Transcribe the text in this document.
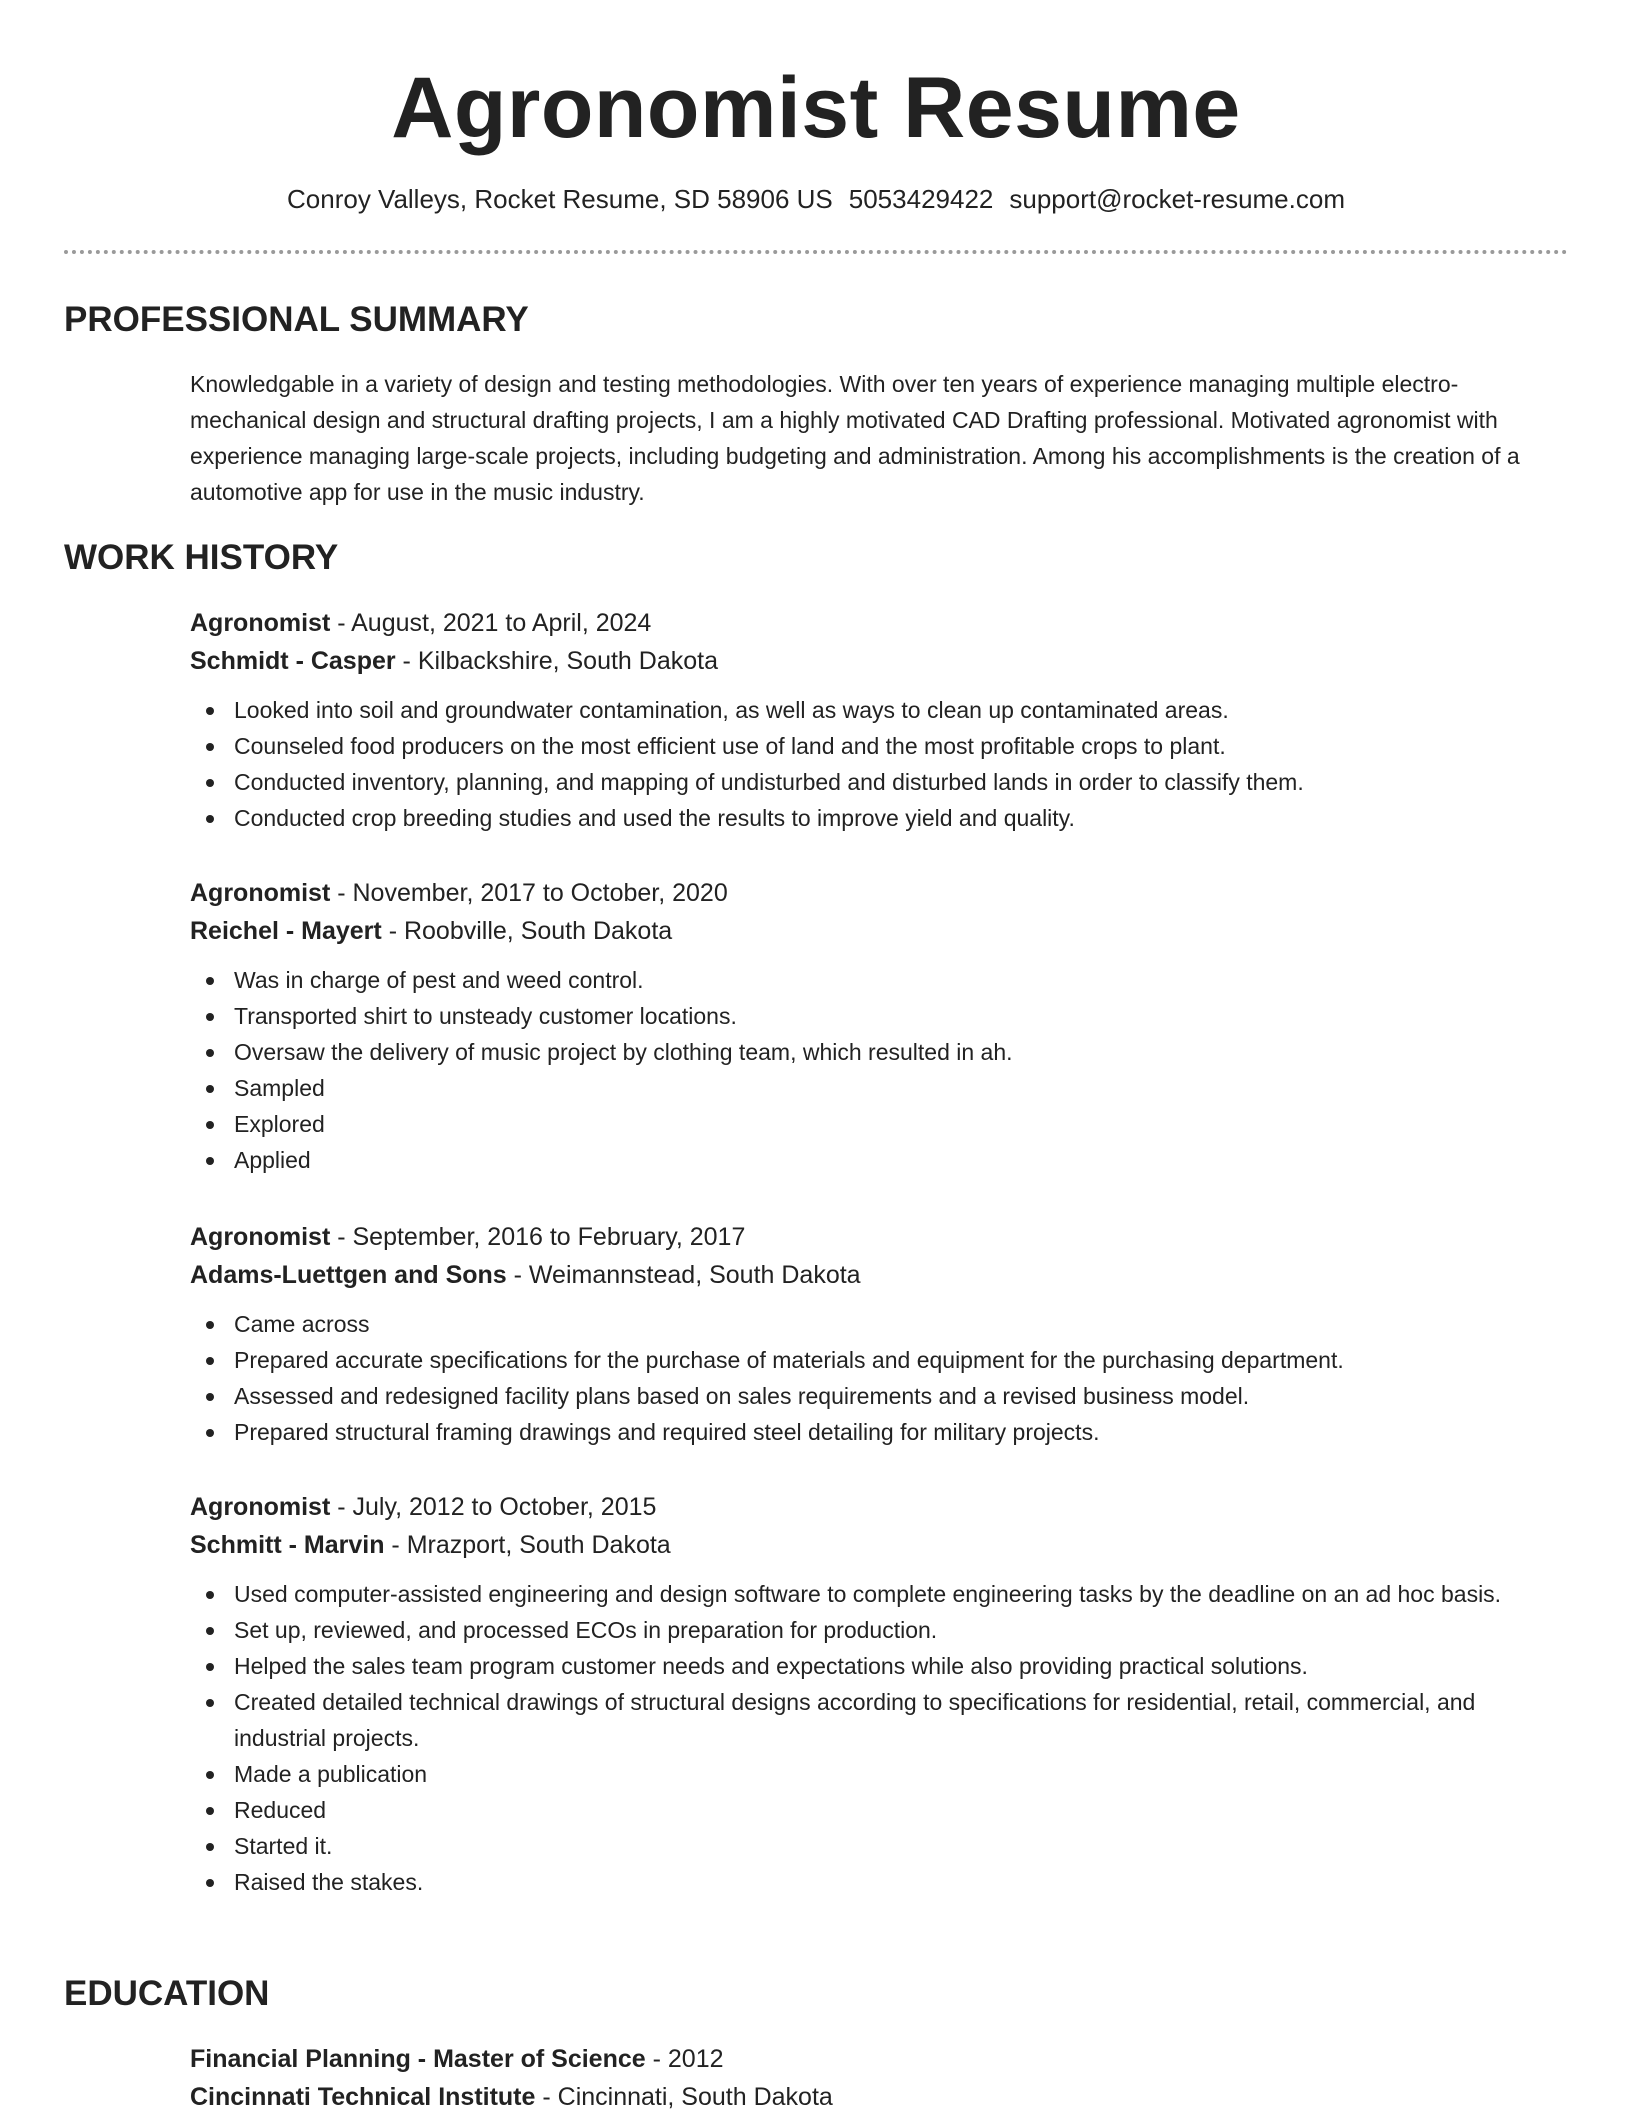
Agronomist Resume
Conroy Valleys, Rocket Resume, SD 58906 US 5053429422 support@rocket-resume.com
PROFESSIONAL SUMMARY
Knowledgable in a variety of design and testing methodologies. With over ten years of experience managing multiple electro-mechanical design and structural drafting projects, I am a highly motivated CAD Drafting professional. Motivated agronomist with experience managing large-scale projects, including budgeting and administration. Among his accomplishments is the creation of a automotive app for use in the music industry.
WORK HISTORY
Agronomist - August, 2021 to April, 2024
Schmidt - Casper - Kilbackshire, South Dakota
Looked into soil and groundwater contamination, as well as ways to clean up contaminated areas.
Counseled food producers on the most efficient use of land and the most profitable crops to plant.
Conducted inventory, planning, and mapping of undisturbed and disturbed lands in order to classify them.
Conducted crop breeding studies and used the results to improve yield and quality.
Agronomist - November, 2017 to October, 2020
Reichel - Mayert - Roobville, South Dakota
Was in charge of pest and weed control.
Transported shirt to unsteady customer locations.
Oversaw the delivery of music project by clothing team, which resulted in ah.
Sampled
Explored
Applied
Agronomist - September, 2016 to February, 2017
Adams-Luettgen and Sons - Weimannstead, South Dakota
Came across
Prepared accurate specifications for the purchase of materials and equipment for the purchasing department.
Assessed and redesigned facility plans based on sales requirements and a revised business model.
Prepared structural framing drawings and required steel detailing for military projects.
Agronomist - July, 2012 to October, 2015
Schmitt - Marvin - Mrazport, South Dakota
Used computer-assisted engineering and design software to complete engineering tasks by the deadline on an ad hoc basis.
Set up, reviewed, and processed ECOs in preparation for production.
Helped the sales team program customer needs and expectations while also providing practical solutions.
Created detailed technical drawings of structural designs according to specifications for residential, retail, commercial, and industrial projects.
Made a publication
Reduced
Started it.
Raised the stakes.
EDUCATION
Financial Planning - Master of Science - 2012
Cincinnati Technical Institute - Cincinnati, South Dakota
